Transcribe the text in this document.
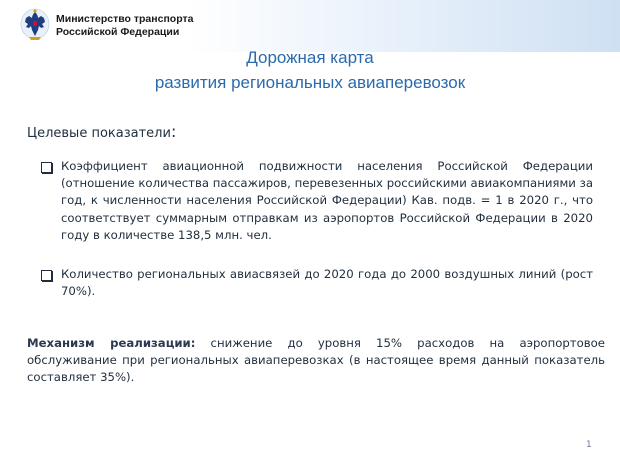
Министерство транспорта
Российской Федерации
Дорожная карта
развития региональных авиаперевозок
Целевые показатели:
Коэффициент авиационной подвижности населения Российской Федерации (отношение количества пассажиров, перевезенных российскими авиакомпаниями за год, к численности населения Российской Федерации) Кав. подв. = 1 в 2020 г., что соответствует суммарным отправкам из аэропортов Российской Федерации в 2020 году в количестве 138,5 млн. чел.
Количество региональных авиасвязей до 2020 года до 2000 воздушных линий (рост 70%).
Механизм реализации: снижение до уровня 15% расходов на аэропортовое обслуживание при региональных авиаперевозках (в настоящее время данный показатель составляет 35%).
1
